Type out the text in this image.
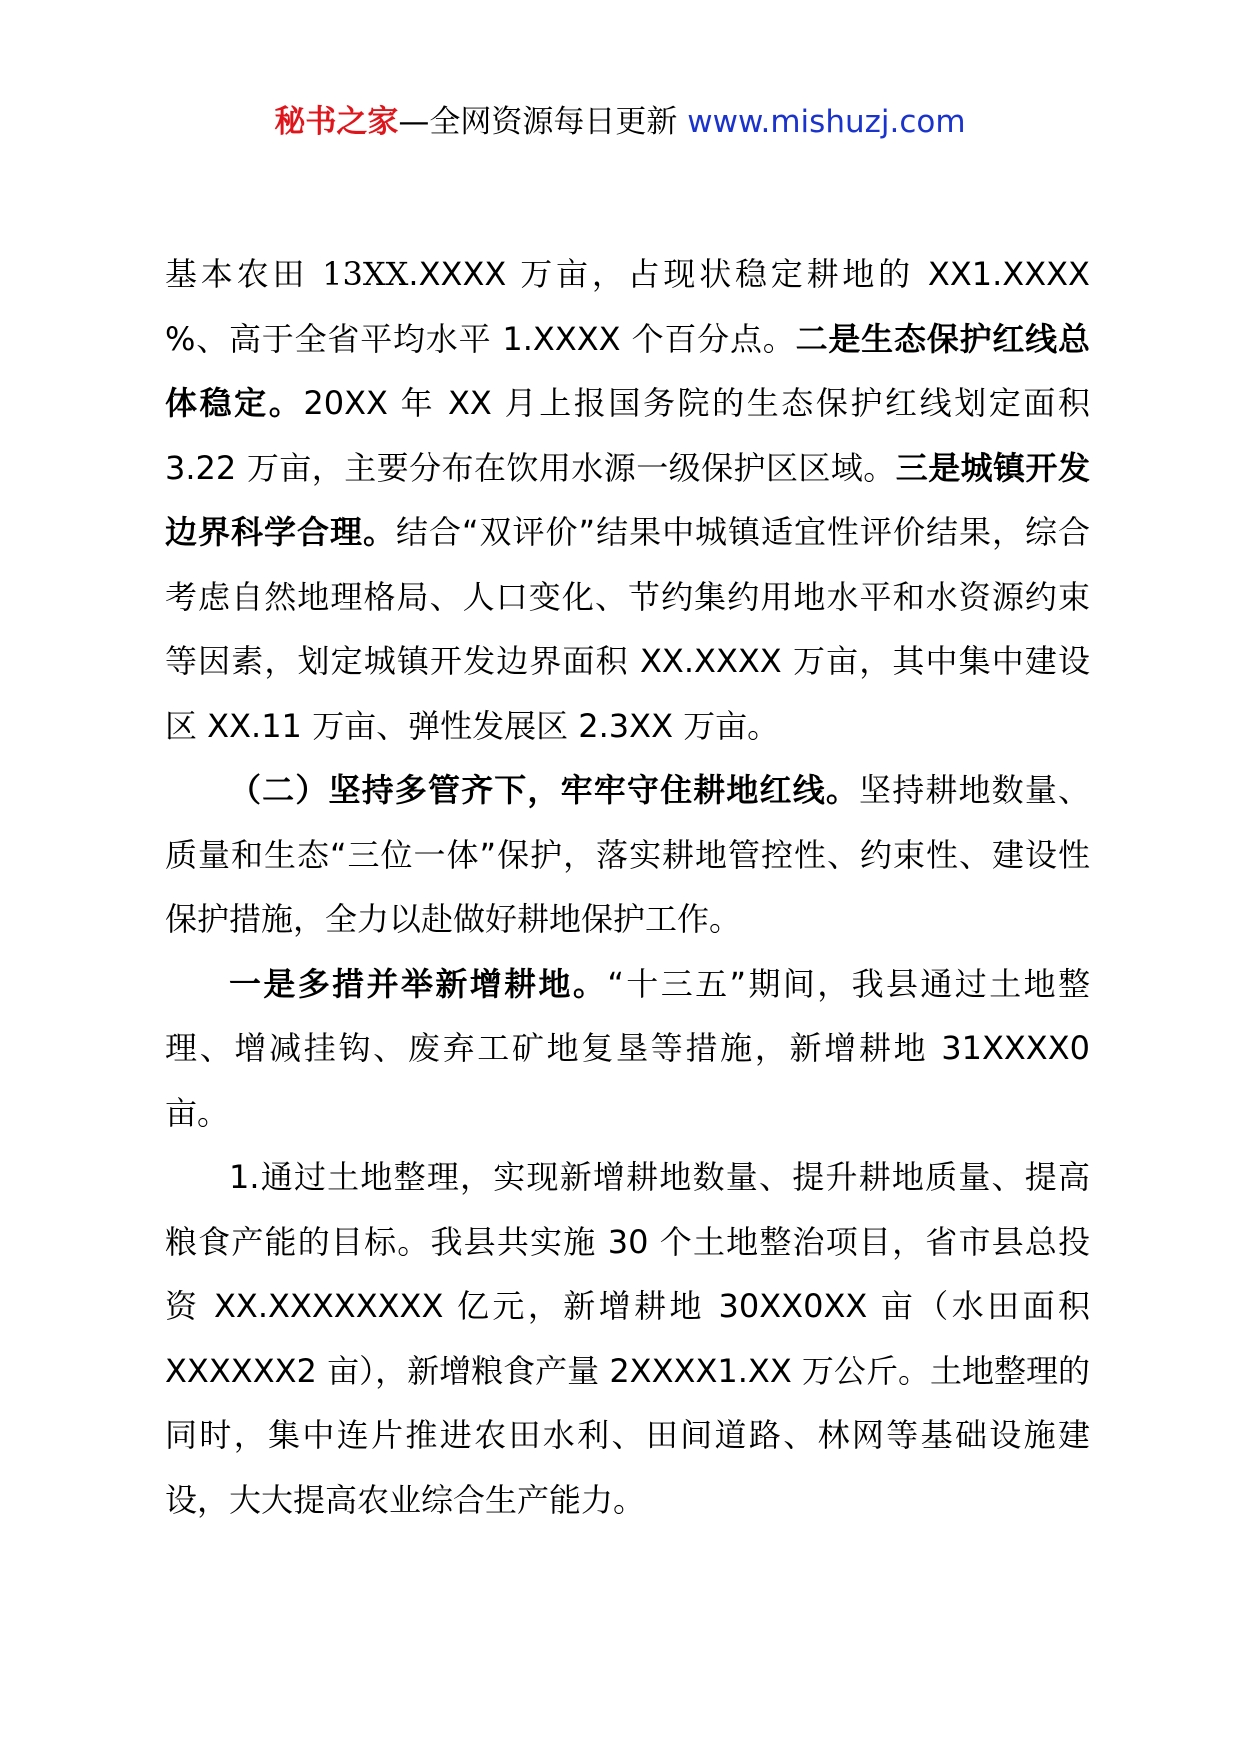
秘书之家—全网资源每日更新 www.mishuzj.com

基本农田 13XX.XXXX 万亩，占现状稳定耕地的 XX1.XXXX %、高于全省平均水平 1.XXXX 个百分点。二是生态保护红线总体稳定。20XX 年 XX 月上报国务院的生态保护红线划定面积 3.22 万亩，主要分布在饮用水源一级保护区区域。三是城镇开发边界科学合理。结合“双评价”结果中城镇适宜性评价结果，综合考虑自然地理格局、人口变化、节约集约用地水平和水资源约束等因素，划定城镇开发边界面积 XX.XXXX 万亩，其中集中建设区 XX.11 万亩、弹性发展区 2.3XX 万亩。

（二）坚持多管齐下，牢牢守住耕地红线。坚持耕地数量、质量和生态“三位一体”保护，落实耕地管控性、约束性、建设性保护措施，全力以赴做好耕地保护工作。

一是多措并举新增耕地。“十三五”期间，我县通过土地整理、增减挂钩、废弃工矿地复垦等措施，新增耕地 31XXXX0 亩。

1.通过土地整理，实现新增耕地数量、提升耕地质量、提高粮食产能的目标。我县共实施 30 个土地整治项目，省市县总投资 XX.XXXXXXXX 亿元，新增耕地 30XX0XX 亩（水田面积 XXXXXX2 亩），新增粮食产量 2XXXX1.XX 万公斤。土地整理的同时，集中连片推进农田水利、田间道路、林网等基础设施建设，大大提高农业综合生产能力。
